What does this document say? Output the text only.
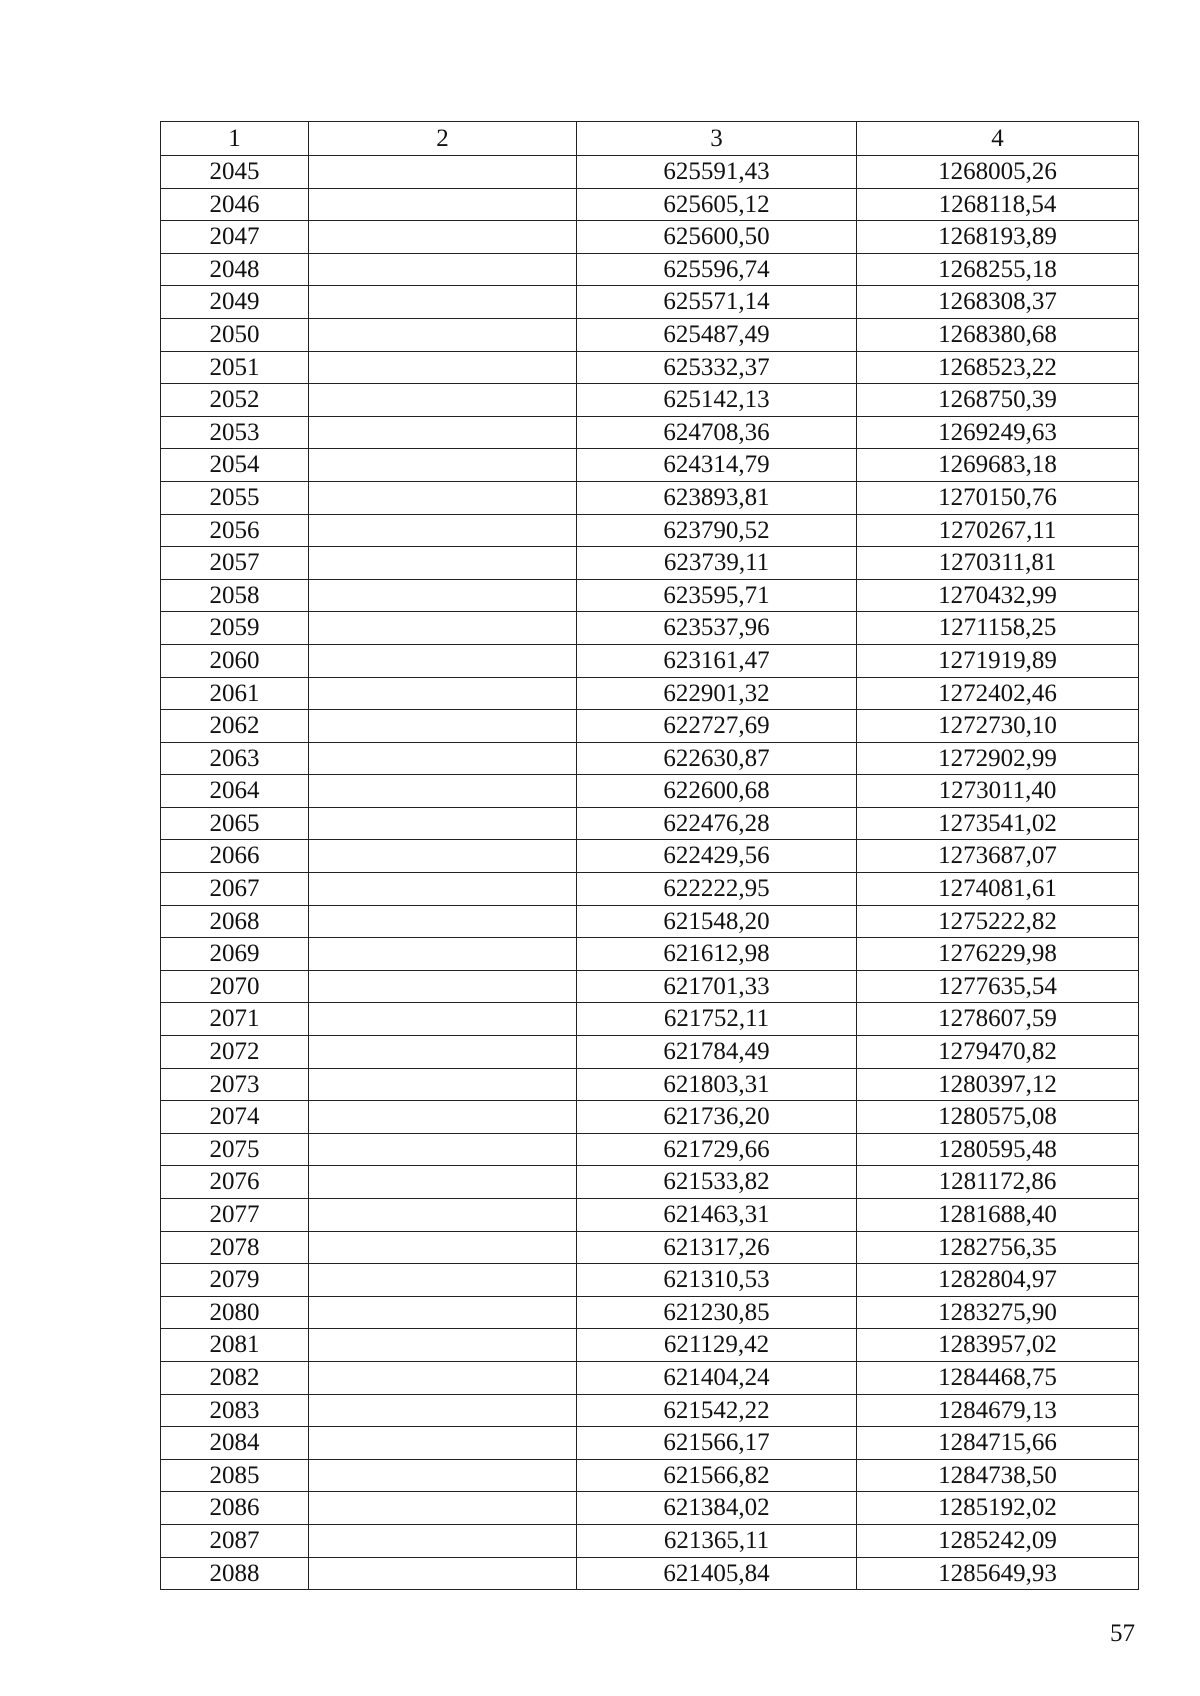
1	2	3	4
2045		625591,43	1268005,26
2046		625605,12	1268118,54
2047		625600,50	1268193,89
2048		625596,74	1268255,18
2049		625571,14	1268308,37
2050		625487,49	1268380,68
2051		625332,37	1268523,22
2052		625142,13	1268750,39
2053		624708,36	1269249,63
2054		624314,79	1269683,18
2055		623893,81	1270150,76
2056		623790,52	1270267,11
2057		623739,11	1270311,81
2058		623595,71	1270432,99
2059		623537,96	1271158,25
2060		623161,47	1271919,89
2061		622901,32	1272402,46
2062		622727,69	1272730,10
2063		622630,87	1272902,99
2064		622600,68	1273011,40
2065		622476,28	1273541,02
2066		622429,56	1273687,07
2067		622222,95	1274081,61
2068		621548,20	1275222,82
2069		621612,98	1276229,98
2070		621701,33	1277635,54
2071		621752,11	1278607,59
2072		621784,49	1279470,82
2073		621803,31	1280397,12
2074		621736,20	1280575,08
2075		621729,66	1280595,48
2076		621533,82	1281172,86
2077		621463,31	1281688,40
2078		621317,26	1282756,35
2079		621310,53	1282804,97
2080		621230,85	1283275,90
2081		621129,42	1283957,02
2082		621404,24	1284468,75
2083		621542,22	1284679,13
2084		621566,17	1284715,66
2085		621566,82	1284738,50
2086		621384,02	1285192,02
2087		621365,11	1285242,09
2088		621405,84	1285649,93
57
